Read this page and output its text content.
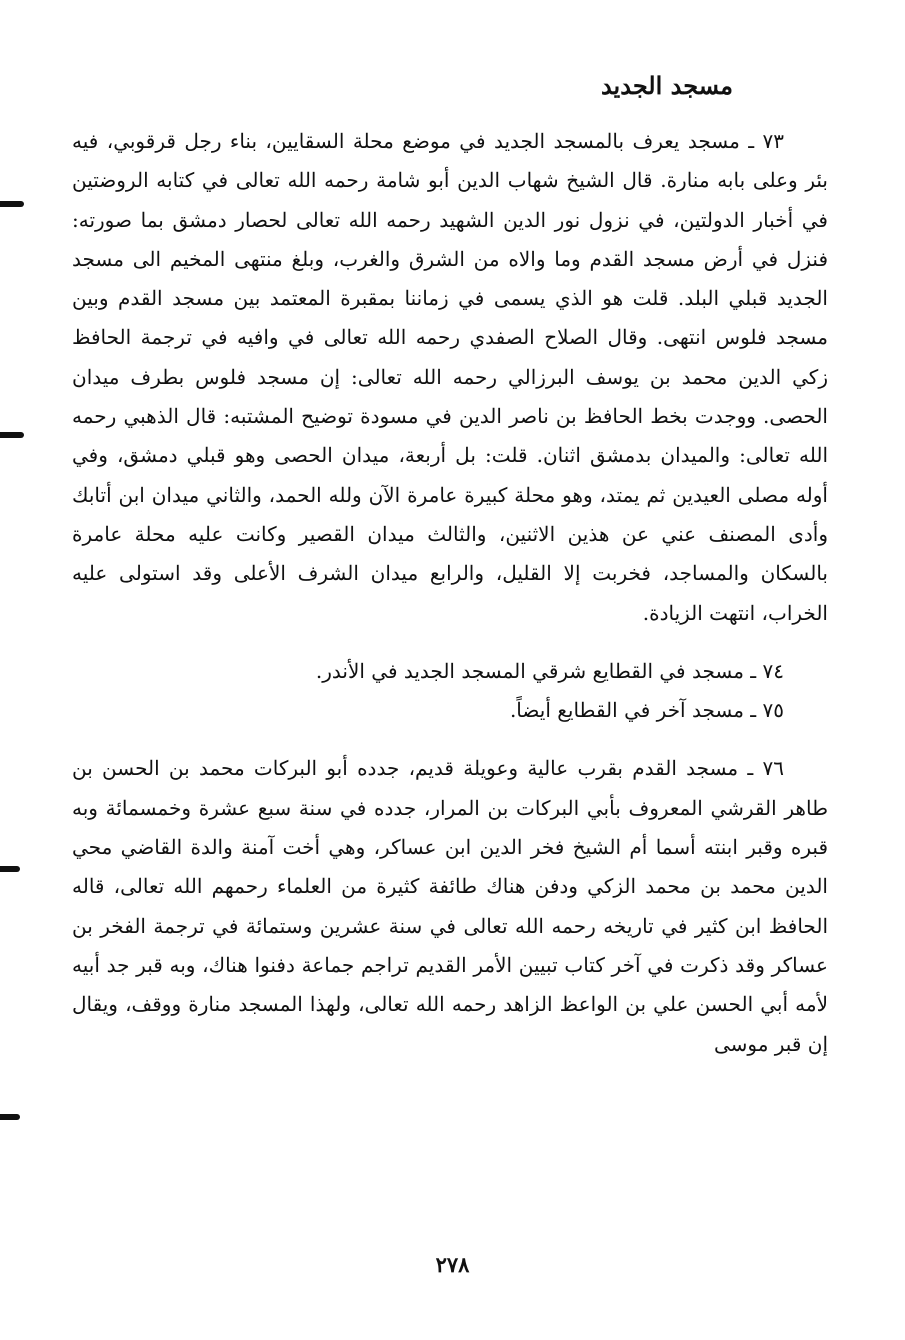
مسجد الجديد

٧٣ ـ مسجد يعرف بالمسجد الجديد في موضع محلة السقايين، بناء رجل قرقوبي، فيه بئر وعلى بابه منارة. قال الشيخ شهاب الدين أبو شامة رحمه الله تعالى في كتابه الروضتين في أخبار الدولتين، في نزول نور الدين الشهيد رحمه الله تعالى لحصار دمشق بما صورته: فنزل في أرض مسجد القدم وما والاه من الشرق والغرب، وبلغ منتهى المخيم الى مسجد الجديد قبلي البلد. قلت هو الذي يسمى في زماننا بمقبرة المعتمد بين مسجد القدم وبين مسجد فلوس انتهى. وقال الصلاح الصفدي رحمه الله تعالى في وافيه في ترجمة الحافظ زكي الدين محمد بن يوسف البرزالي رحمه الله تعالى: إن مسجد فلوس بطرف ميدان الحصى. ووجدت بخط الحافظ بن ناصر الدين في مسودة توضيح المشتبه: قال الذهبي رحمه الله تعالى: والميدان بدمشق اثنان. قلت: بل أربعة، ميدان الحصى وهو قبلي دمشق، وفي أوله مصلى العيدين ثم يمتد، وهو محلة كبيرة عامرة الآن ولله الحمد، والثاني ميدان ابن أتابك وأدى المصنف عني عن هذين الاثنين، والثالث ميدان القصير وكانت عليه محلة عامرة بالسكان والمساجد، فخربت إلا القليل، والرابع ميدان الشرف الأعلى وقد استولى عليه الخراب، انتهت الزيادة.

٧٤ ـ مسجد في القطايع شرقي المسجد الجديد في الأندر.

٧٥ ـ مسجد آخر في القطايع أيضاً.

٧٦ ـ مسجد القدم بقرب عالية وعويلة قديم، جدده أبو البركات محمد بن الحسن بن طاهر القرشي المعروف بأبي البركات بن المرار، جدده في سنة سبع عشرة وخمسمائة وبه قبره وقبر ابنته أسما أم الشيخ فخر الدين ابن عساكر، وهي أخت آمنة والدة القاضي محي الدين محمد بن محمد الزكي ودفن هناك طائفة كثيرة من العلماء رحمهم الله تعالى، قاله الحافظ ابن كثير في تاريخه رحمه الله تعالى في سنة عشرين وستمائة في ترجمة الفخر بن عساكر وقد ذكرت في آخر كتاب تبيين الأمر القديم تراجم جماعة دفنوا هناك، وبه قبر جد أبيه لأمه أبي الحسن علي بن الواعظ الزاهد رحمه الله تعالى، ولهذا المسجد منارة ووقف، ويقال إن قبر موسى

٢٧٨
